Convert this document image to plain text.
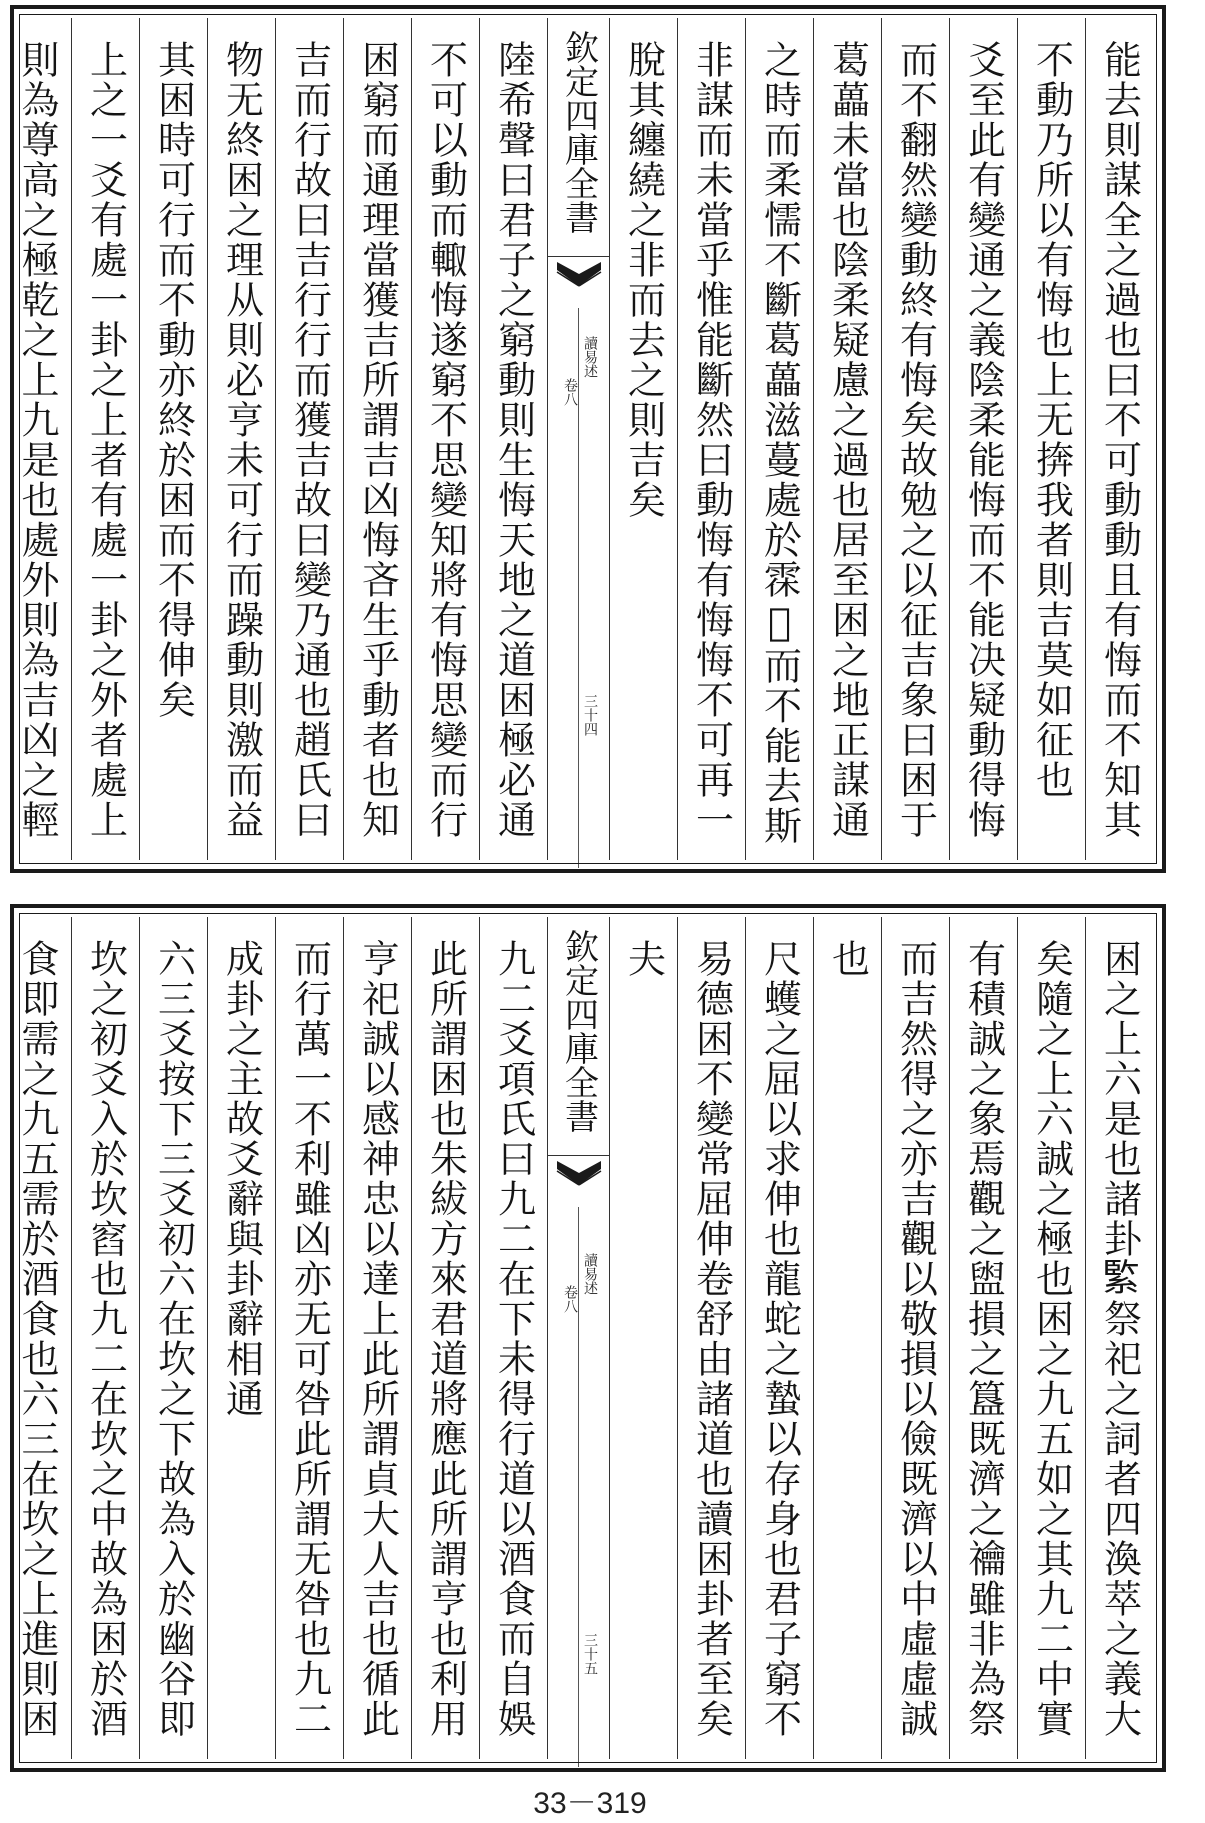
能去則謀全之過也曰不可動動且有悔而不知其
不動乃所以有悔也上无捹我者則吉莫如征也
爻至此有變通之義陰柔能悔而不能决疑動得悔
而不翻然變動終有悔矣故勉之以征吉象曰困于
葛藟未當也陰柔疑慮之過也居至困之地正謀通
之時而柔懦不斷葛藟滋蔓處於𩂯𢦵而不能去斯
非謀而未當乎惟能斷然曰動悔有悔悔不可再一
脫其纏繞之非而去之則吉矣
欽定四庫全書
讀易述
卷八
三十四
陸希聲曰君子之窮動則生悔天地之道困極必通
不可以動而輙悔遂窮不思變知將有悔思變而行
困窮而通理當獲吉所謂吉凶悔吝生乎動者也知
吉而行故曰吉行行而獲吉故曰變乃通也趙氏曰
物无終困之理从則必亨未可行而躁動則激而益
其困時可行而不動亦終於困而不得伸矣
上之一爻有處一卦之上者有處一卦之外者處上
則為尊高之極乾之上九是也處外則為吉凶之輕
困之上六是也諸卦𦂳祭祀之詞者四渙萃之義大
矣隨之上六誠之極也困之九五如之其九二中實
有積誠之象焉觀之盥損之簋既濟之禴雖非為祭
而吉然得之亦吉觀以敬損以儉既濟以中虛虛誠
也
尺蠖之屈以求伸也龍蛇之蟄以存身也君子窮不
易德困不變常屈伸卷舒由諸道也讀困卦者至矣
夫
欽定四庫全書
讀易述
卷八
三十五
九二爻項氏曰九二在下未得行道以酒食而自娛
此所謂困也朱紱方來君道將應此所謂亨也利用
亨祀誠以感神忠以達上此所謂貞大人吉也循此
而行萬一不利雖凶亦无可咎此所謂无咎也九二
成卦之主故爻辭與卦辭相通
六三爻按下三爻初六在坎之下故為入於幽谷即
坎之初爻入於坎窞也九二在坎之中故為困於酒
食即需之九五需於酒食也六三在坎之上進則困
33－319
